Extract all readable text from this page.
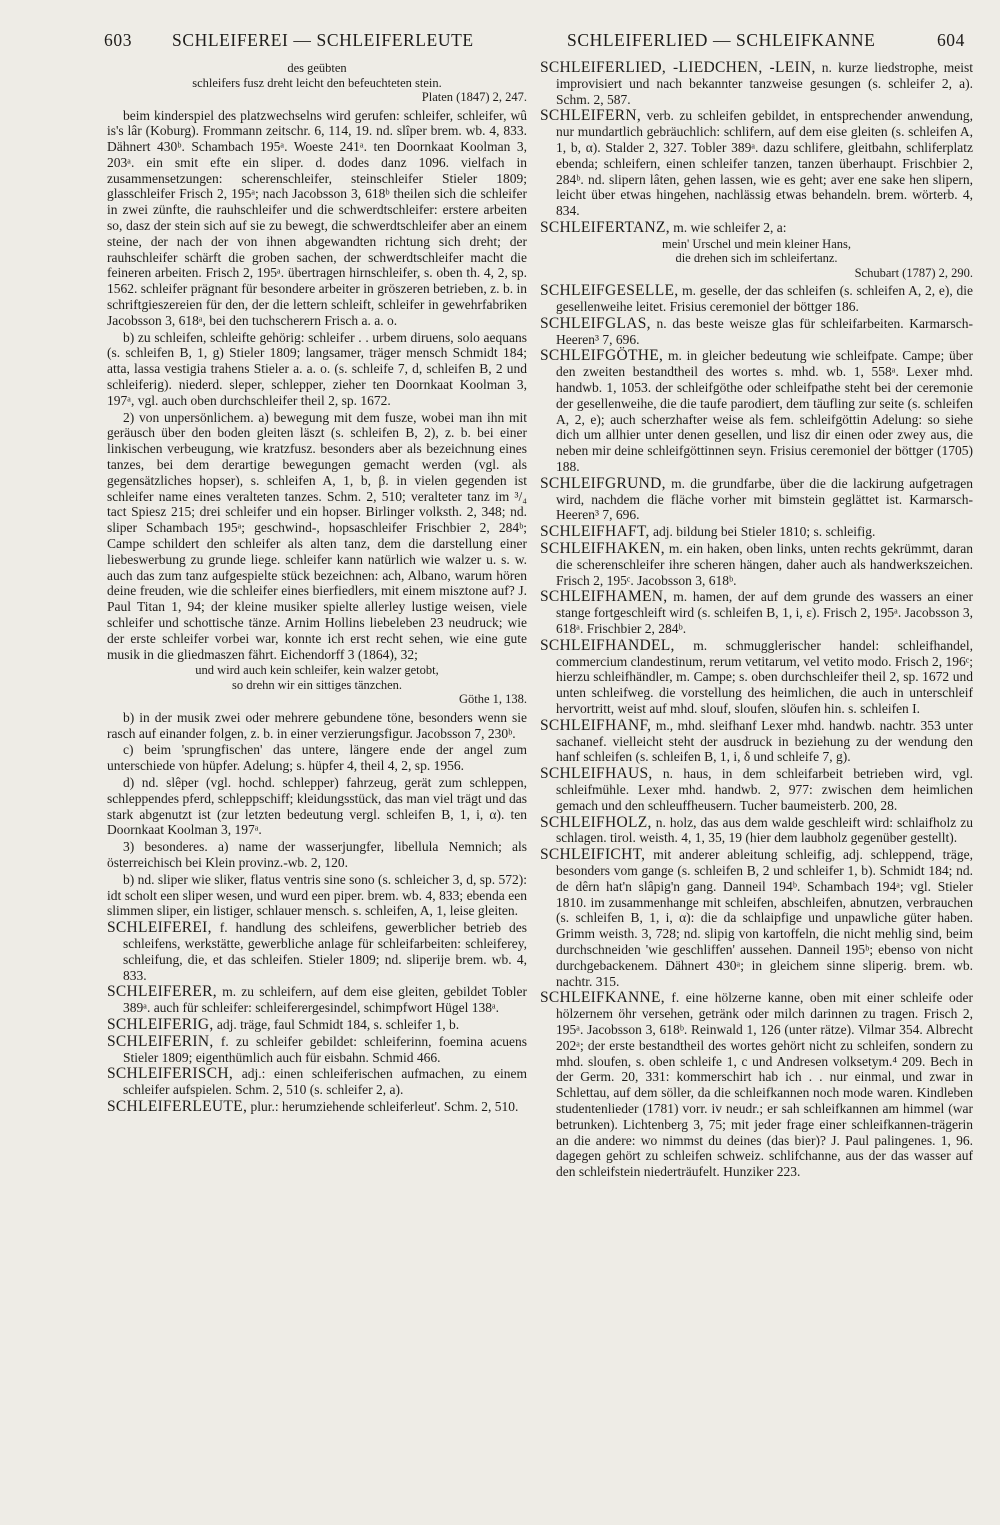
603 SCHLEIFEREI — SCHLEIFERLEUTE	SCHLEIFERLIED — SCHLEIFKANNE	604
des geübten
schleifers fusz dreht leicht den befeuchteten stein.
Platen (1847) 2, 247.

beim kinderspiel des platzwechselns wird gerufen: schleifer, schleifer, wû is's lâr (Koburg). Frommann zeitschr. 6, 114, 19. nd. slîper brem. wb. 4, 833. Dähnert 430ᵇ. Schambach 195ᵃ. Woeste 241ᵃ. ten Doornkaat Koolman 3, 203ᵃ. ein smit efte ein sliper. d. dodes danz 1096. vielfach in zusammensetzungen: scherenschleifer, steinschleifer Stieler 1809; glasschleifer Frisch 2, 195ᵃ; nach Jacobsson 3, 618ᵇ theilen sich die schleifer in zwei zünfte, die rauhschleifer und die schwerdtschleifer: erstere arbeiten so, dasz der stein sich auf sie zu bewegt, die schwerdtschleifer aber an einem steine, der nach der von ihnen abgewandten richtung sich dreht; der rauhschleifer schärft die groben sachen, der schwerdtschleifer macht die feineren arbeiten. Frisch 2, 195ᵃ. übertragen hirnschleifer, s. oben th. 4, 2, sp. 1562. schleifer prägnant für besondere arbeiter in gröszeren betrieben, z. b. in schriftgieszereien für den, der die lettern schleift, schleifer in gewehrfabriken Jacobsson 3, 618ᵃ, bei den tuchscherern Frisch a. a. o.

b) zu schleifen, schleifte gehörig: schleifer . . urbem diruens, solo aequans (s. schleifen B, 1, g) Stieler 1809; langsamer, träger mensch Schmidt 184; atta, lassa vestigia trahens Stieler a. a. o. (s. schleife 7, d, schleifen B, 2 und schleiferig). niederd. sleper, schlepper, zieher ten Doornkaat Koolman 3, 197ᵃ, vgl. auch oben durchschleifer theil 2, sp. 1672.

2) von unpersönlichem. a) bewegung mit dem fusze, wobei man ihn mit geräusch über den boden gleiten läszt (s. schleifen B, 2), z. b. bei einer linkischen verbeugung, wie kratzfusz. besonders aber als bezeichnung eines tanzes, bei dem derartige bewegungen gemacht werden (vgl. als gegensätzliches hopser), s. schleifen A, 1, b, β. in vielen gegenden ist schleifer name eines veralteten tanzes. Schm. 2, 510; veralteter tanz im ³/₄ tact Spiesz 215; drei schleifer und ein hopser. Birlinger volksth. 2, 348; nd. sliper Schambach 195ᵃ; geschwind-, hopsaschleifer Frischbier 2, 284ᵇ; Campe schildert den schleifer als alten tanz, dem die darstellung einer liebeswerbung zu grunde liege. schleifer kann natürlich wie walzer u. s. w. auch das zum tanz aufgespielte stück bezeichnen: ach, Albano, warum hören deine freuden, wie die schleifer eines bierfiedlers, mit einem misztone auf? J. Paul Titan 1, 94; der kleine musiker spielte allerley lustige weisen, viele schleifer und schottische tänze. Arnim Hollins liebeleben 23 neudruck; wie der erste schleifer vorbei war, konnte ich erst recht sehen, wie eine gute musik in die gliedmaszen fährt. Eichendorff 3 (1864), 32;

und wird auch kein schleifer, kein walzer getobt,
so drehn wir ein sittiges tänzchen.
Göthe 1, 138.

b) in der musik zwei oder mehrere gebundene töne, besonders wenn sie rasch auf einander folgen, z. b. in einer verzierungsfigur. Jacobsson 7, 230ᵇ.

c) beim 'sprungfischen' das untere, längere ende der angel zum unterschiede von hüpfer. Adelung; s. hüpfer 4, theil 4, 2, sp. 1956.

d) nd. slêper (vgl. hochd. schlepper) fahrzeug, gerät zum schleppen, schleppendes pferd, schleppschiff; kleidungsstück, das man viel trägt und das stark abgenutzt ist (zur letzten bedeutung vergl. schleifen B, 1, i, α). ten Doornkaat Koolman 3, 197ᵃ.

3) besonderes. a) name der wasserjungfer, libellula Nemnich; als österreichisch bei Klein provinz.-wb. 2, 120.

b) nd. sliper wie sliker, flatus ventris sine sono (s. schleicher 3, d, sp. 572): idt scholt een sliper wesen, und wurd een piper. brem. wb. 4, 833; ebenda een slimmen sliper, ein listiger, schlauer mensch. s. schleifen, A, 1, leise gleiten.

SCHLEIFEREI, f. handlung des schleifens, gewerblicher betrieb des schleifens, werkstätte, gewerbliche anlage für schleifarbeiten: schleiferey, schleifung, die, et das schleifen. Stieler 1809; nd. sliperije brem. wb. 4, 833.

SCHLEIFERER, m. zu schleifern, auf dem eise gleiten, gebildet Tobler 389ᵃ. auch für schleifer: schleiferergesindel, schimpfwort Hügel 138ᵃ.

SCHLEIFERIG, adj. träge, faul Schmidt 184, s. schleifer 1, b.

SCHLEIFERIN, f. zu schleifer gebildet: schleiferinn, foemina acuens Stieler 1809; eigenthümlich auch für eisbahn. Schmid 466.

SCHLEIFERISCH, adj.: einen schleiferischen aufmachen, zu einem schleifer aufspielen. Schm. 2, 510 (s. schleifer 2, a).

SCHLEIFERLEUTE, plur.: herumziehende schleiferleut'. Schm. 2, 510.

SCHLEIFERLIED, -LIEDCHEN, -LEIN, n. kurze liedstrophe, meist improvisiert und nach bekannter tanzweise gesungen (s. schleifer 2, a). Schm. 2, 587.

SCHLEIFERN, verb. zu schleifen gebildet, in entsprechender anwendung, nur mundartlich gebräuchlich: schlifern, auf dem eise gleiten (s. schleifen A, 1, b, α). Stalder 2, 327. Tobler 389ᵃ. dazu schlifere, gleitbahn, schliferplatz ebenda; schleifern, einen schleifer tanzen, tanzen überhaupt. Frischbier 2, 284ᵇ. nd. slipern lâten, gehen lassen, wie es geht; aver ene sake hen slipern, leicht über etwas hingehen, nachlässig etwas behandeln. brem. wörterb. 4, 834.

SCHLEIFERTANZ, m. wie schleifer 2, a:

mein' Urschel und mein kleiner Hans,
die drehen sich im schleifertanz.
Schubart (1787) 2, 290.

SCHLEIFGESELLE, m. geselle, der das schleifen (s. schleifen A, 2, e), die gesellenweihe leitet. Frisius ceremoniel der böttger 186.

SCHLEIFGLAS, n. das beste weisze glas für schleifarbeiten. Karmarsch-Heeren³ 7, 696.

SCHLEIFGÖTHE, m. in gleicher bedeutung wie schleifpate. Campe; über den zweiten bestandtheil des wortes s. mhd. wb. 1, 558ᵃ. Lexer mhd. handwb. 1, 1053. der schleifgöthe oder schleifpathe steht bei der ceremonie der gesellenweihe, die die taufe parodiert, dem täufling zur seite (s. schleifen A, 2, e); auch scherzhafter weise als fem. schleifgöttin Adelung: so siehe dich um allhier unter denen gesellen, und lisz dir einen oder zwey aus, die neben mir deine schleifgöttinnen seyn. Frisius ceremoniel der böttger (1705) 188.

SCHLEIFGRUND, m. die grundfarbe, über die die lackirung aufgetragen wird, nachdem die fläche vorher mit bimstein geglättet ist. Karmarsch-Heeren³ 7, 696.

SCHLEIFHAFT, adj. bildung bei Stieler 1810; s. schleifig.

SCHLEIFHAKEN, m. ein haken, oben links, unten rechts gekrümmt, daran die scherenschleifer ihre scheren hängen, daher auch als handwerkszeichen. Frisch 2, 195ᶜ. Jacobsson 3, 618ᵇ.

SCHLEIFHAMEN, m. hamen, der auf dem grunde des wassers an einer stange fortgeschleift wird (s. schleifen B, 1, i, ε). Frisch 2, 195ᵃ. Jacobsson 3, 618ᵃ. Frischbier 2, 284ᵇ.

SCHLEIFHANDEL, m. schmugglerischer handel: schleifhandel, commercium clandestinum, rerum vetitarum, vel vetito modo. Frisch 2, 196ᶜ; hierzu schleifhändler, m. Campe; s. oben durchschleifer theil 2, sp. 1672 und unten schleifweg. die vorstellung des heimlichen, die auch in unterschleif hervortritt, weist auf mhd. slouf, sloufen, slöufen hin. s. schleifen I.

SCHLEIFHANF, m., mhd. sleifhanf Lexer mhd. handwb. nachtr. 353 unter sachanef. vielleicht steht der ausdruck in beziehung zu der wendung den hanf schleifen (s. schleifen B, 1, i, δ und schleife 7, g).

SCHLEIFHAUS, n. haus, in dem schleifarbeit betrieben wird, vgl. schleifmühle. Lexer mhd. handwb. 2, 977: zwischen dem heimlichen gemach und den schleuffheusern. Tucher baumeisterb. 200, 28.

SCHLEIFHOLZ, n. holz, das aus dem walde geschleift wird: schlaifholz zu schlagen. tirol. weisth. 4, 1, 35, 19 (hier dem laubholz gegenüber gestellt).

SCHLEIFICHT, mit anderer ableitung schleifig, adj. schleppend, träge, besonders vom gange (s. schleifen B, 2 und schleifer 1, b). Schmidt 184; nd. de dêrn hat'n slâpig'n gang. Danneil 194ᵇ. Schambach 194ᵃ; vgl. Stieler 1810. im zusammenhange mit schleifen, abschleifen, abnutzen, verbrauchen (s. schleifen B, 1, i, α): die da schlaipfige und unpawliche güter haben. Grimm weisth. 3, 728; nd. slipig von kartoffeln, die nicht mehlig sind, beim durchschneiden 'wie geschliffen' aussehen. Danneil 195ᵇ; ebenso von nicht durchgebackenem. Dähnert 430ᵃ; in gleichem sinne sliperig. brem. wb. nachtr. 315.

SCHLEIFKANNE, f. eine hölzerne kanne, oben mit einer schleife oder hölzernem öhr versehen, getränk oder milch darinnen zu tragen. Frisch 2, 195ᵃ. Jacobsson 3, 618ᵇ. Reinwald 1, 126 (unter rätze). Vilmar 354. Albrecht 202ᵃ; der erste bestandtheil des wortes gehört nicht zu schleifen, sondern zu mhd. sloufen, s. oben schleife 1, c und Andresen volksetym.⁴ 209. Bech in der Germ. 20, 331: kommerschirt hab ich . . nur einmal, und zwar in Schlettau, auf dem söller, da die schleifkannen noch mode waren. Kindleben studentenlieder (1781) vorr. iv neudr.; er sah schleifkannen am himmel (war betrunken). Lichtenberg 3, 75; mit jeder frage einer schleifkannen-trägerin an die andere: wo nimmst du deines (das bier)? J. Paul palingenes. 1, 96. dagegen gehört zu schleifen schweiz. schlifchanne, aus der das wasser auf den schleifstein niederträufelt. Hunziker 223.
